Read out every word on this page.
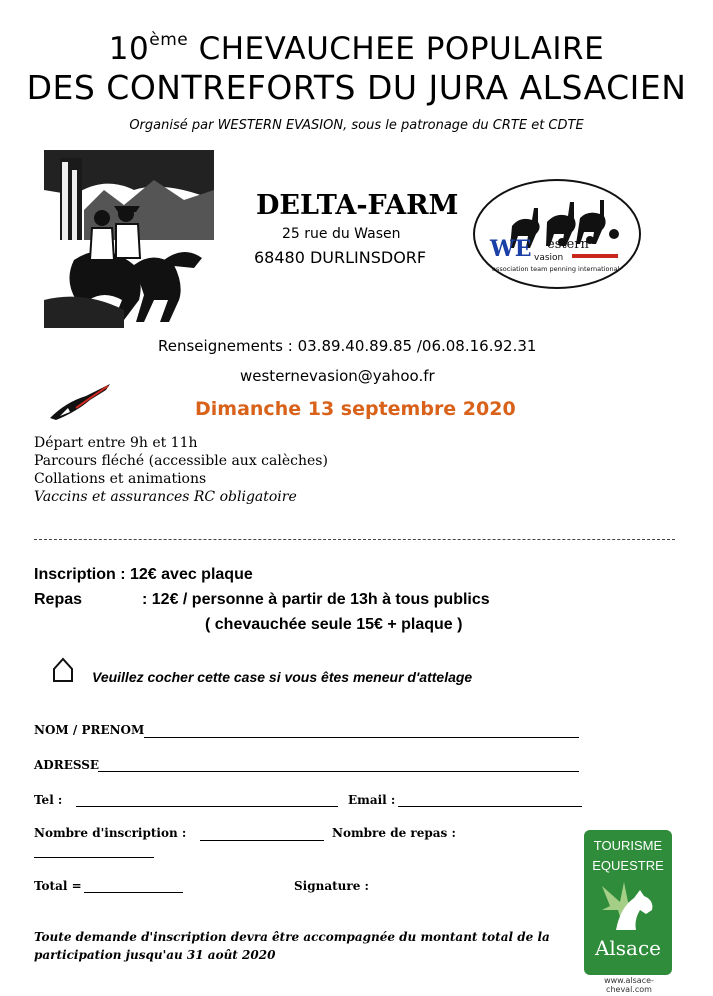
10ème CHEVAUCHEE POPULAIRE
DES CONTREFORTS DU JURA ALSACIEN
Organisé par WESTERN EVASION, sous le patronage du CRTE et CDTE
DELTA-FARM
25 rue du Wasen
68480 DURLINSDORF	WE estern
vasion
association team penning international
Renseignements : 03.89.40.89.85 /06.08.16.92.31
westernevasion@yahoo.fr
Dimanche 13 septembre 2020
Départ entre 9h et 11h
Parcours fléché (accessible aux calèches)
Collations et animations
Vaccins et assurances RC obligatoire
Inscription : 12€ avec plaque
Repas	: 12€ / personne à partir de 13h à tous publics
( chevauchée seule 15€ + plaque )
Veuillez cocher cette case si vous êtes meneur d'attelage
NOM / PRENOM
ADRESSE
Tel :	Email :
Nombre d'inscription :	Nombre de repas :
Total =	Signature :
Toute demande d'inscription devra être accompagnée du montant total de la participation jusqu'au 31 août 2020
TOURISME
EQUESTRE
Alsace
www.alsace-cheval.com
